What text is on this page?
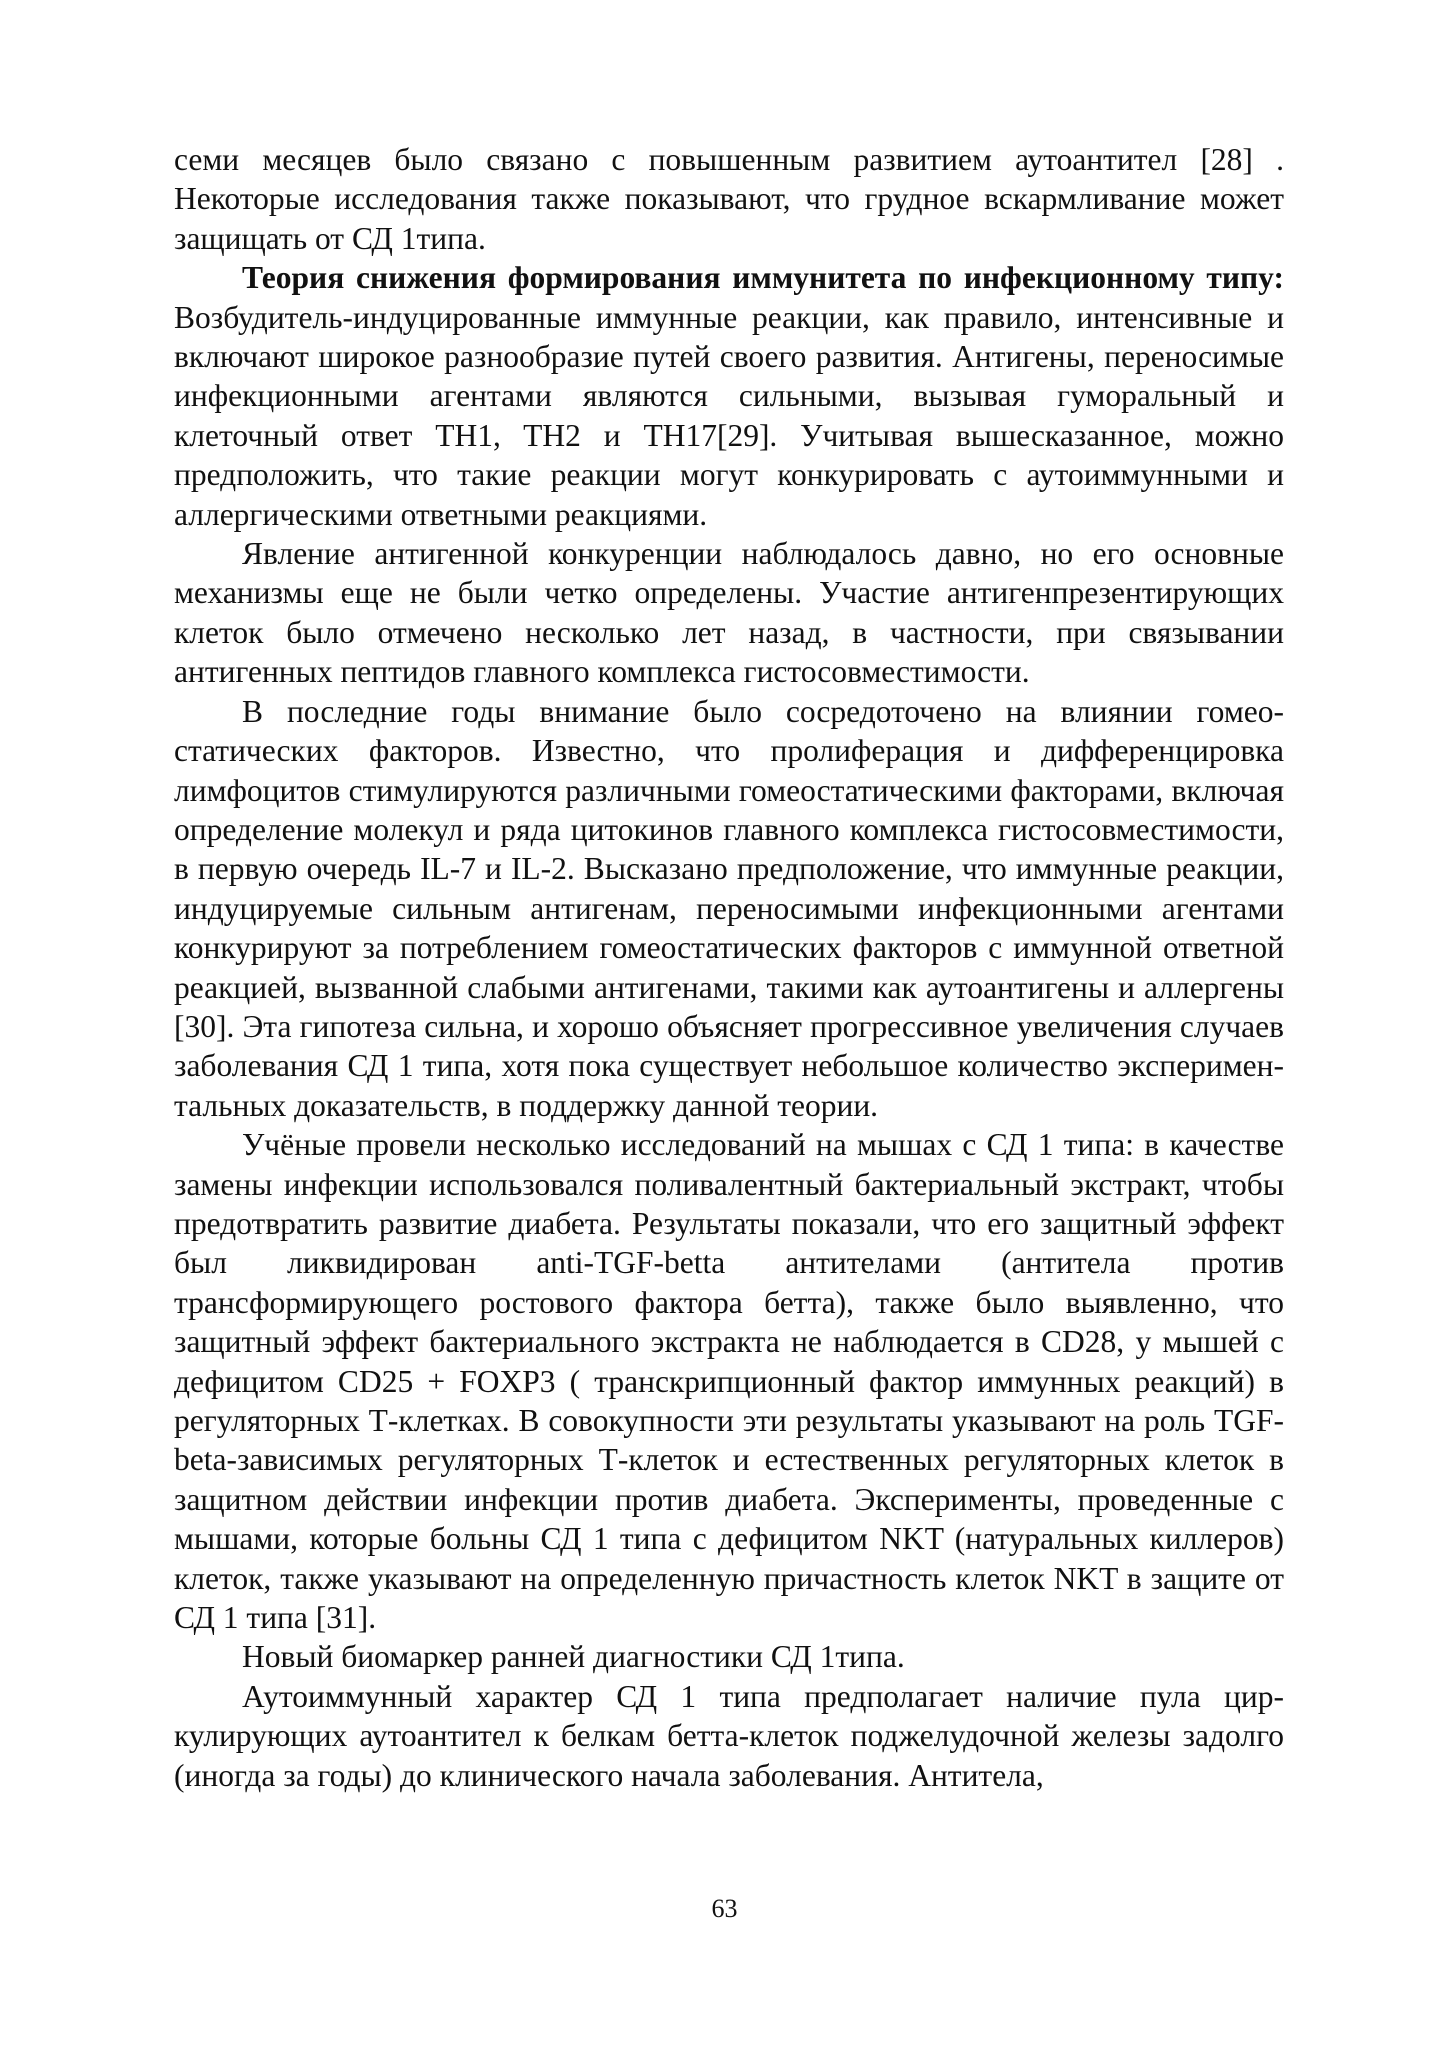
семи месяцев было связано с повышенным развитием аутоантител [28] . Некоторые исследования также показывают, что грудное вскармливание может защищать от СД 1типа.

Теория снижения формирования иммунитета по инфекционному типу: Возбудитель-индуцированные иммунные реакции, как правило, интенсивные и включают широкое разнообразие путей своего развития. Антигены, переносимые инфекционными агентами являются сильными, вызывая гуморальный и клеточный ответ TH1, TH2 и TH17[29]. Учитывая вышесказанное, можно предположить, что такие реакции могут конкурировать с аутоиммунными и аллергическими ответными реакциями.

Явление антигенной конкуренции наблюдалось давно, но его основные механизмы еще не были четко определены. Участие антигенпрезентирующих клеток было отмечено несколько лет назад, в частности, при связывании антигенных пептидов главного комплекса гистосовместимости.

В последние годы внимание было сосредоточено на влиянии гомеостатических факторов. Известно, что пролиферация и дифференцировка лимфоцитов стимулируются различными гомеостатическими факторами, включая определение молекул и ряда цитокинов главного комплекса гистосовместимости, в первую очередь IL-7 и IL-2. Высказано предположение, что иммунные реакции, индуцируемые сильным антигенам, переносимыми инфекционными агентами конкурируют за потреблением гомеостатических факторов с иммунной ответной реакцией, вызванной слабыми антигенами, такими как аутоантигены и аллергены [30]. Эта гипотеза сильна, и хорошо объясняет прогрессивное увеличения случаев заболевания СД 1 типа, хотя пока существует небольшое количество экспериментальных доказательств, в поддержку данной теории.

Учёные провели несколько исследований на мышах с СД 1 типа: в качестве замены инфекции использовался поливалентный бактериальный экстракт, чтобы предотвратить развитие диабета. Результаты показали, что его защитный эффект был ликвидирован anti-TGF-betta антителами (антитела против трансформирующего ростового фактора бетта), также было выявленно, что защитный эффект бактериального экстракта не наблюдается в CD28, у мышей с дефицитом CD25 + FOXP3 ( транскрипционный фактор иммунных реакций) в регуляторных Т-клетках. В совокупности эти результаты указывают на роль TGF-beta-зависимых регуляторных Т-клеток и естественных регуляторных клеток в защитном действии инфекции против диабета. Эксперименты, проведенные с мышами, которые больны СД 1 типа с дефицитом NKT (натуральных киллеров) клеток, также указывают на определенную причастность клеток NKT в защите от СД 1 типа [31].

Новый биомаркер ранней диагностики СД 1типа.

Аутоиммунный характер СД 1 типа предполагает наличие пула циркулирующих аутоантител к белкам бетта-клеток поджелудочной железы задолго (иногда за годы) до клинического начала заболевания. Антитела,

63
